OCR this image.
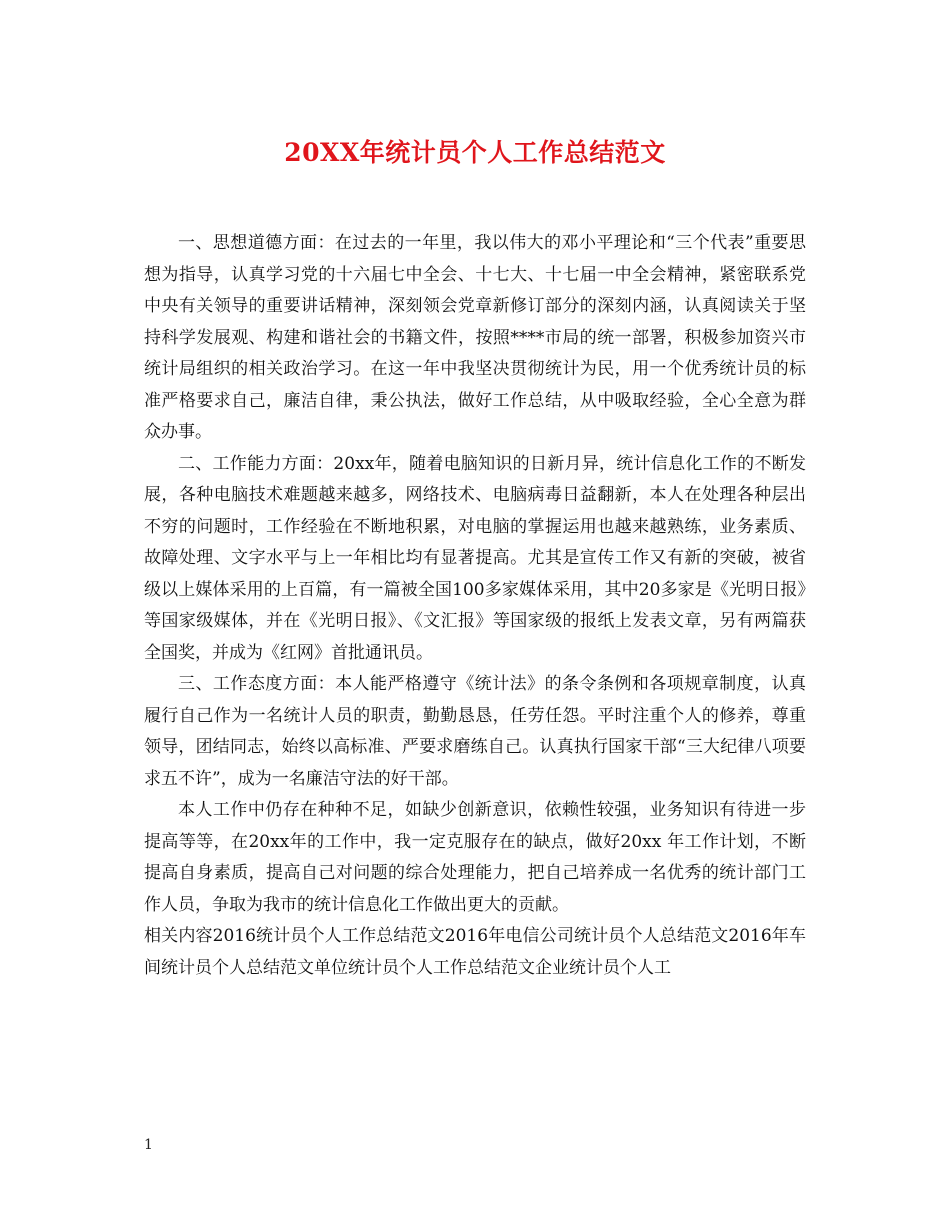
20XX年统计员个人工作总结范文

一、思想道德方面：在过去的一年里，我以伟大的邓小平理论和“三个代表”重要思想为指导，认真学习党的十六届七中全会、十七大、十七届一中全会精神，紧密联系党中央有关领导的重要讲话精神，深刻领会党章新修订部分的深刻内涵，认真阅读关于坚持科学发展观、构建和谐社会的书籍文件，按照****市局的统一部署，积极参加资兴市统计局组织的相关政治学习。在这一年中我坚决贯彻统计为民，用一个优秀统计员的标准严格要求自己，廉洁自律，秉公执法，做好工作总结，从中吸取经验，全心全意为群众办事。

二、工作能力方面：20xx年，随着电脑知识的日新月异，统计信息化工作的不断发展，各种电脑技术难题越来越多，网络技术、电脑病毒日益翻新，本人在处理各种层出不穷的问题时，工作经验在不断地积累，对电脑的掌握运用也越来越熟练，业务素质、故障处理、文字水平与上一年相比均有显著提高。尤其是宣传工作又有新的突破，被省级以上媒体采用的上百篇，有一篇被全国100多家媒体采用，其中20多家是《光明日报》等国家级媒体，并在《光明日报》、《文汇报》等国家级的报纸上发表文章，另有两篇获全国奖，并成为《红网》首批通讯员。

三、工作态度方面：本人能严格遵守《统计法》的条令条例和各项规章制度，认真履行自己作为一名统计人员的职责，勤勤恳恳，任劳任怨。平时注重个人的修养，尊重领导，团结同志，始终以高标准、严要求磨练自己。认真执行国家干部“三大纪律八项要求五不许”，成为一名廉洁守法的好干部。

本人工作中仍存在种种不足，如缺少创新意识，依赖性较强，业务知识有待进一步提高等等，在20xx年的工作中，我一定克服存在的缺点，做好20xx 年工作计划，不断提高自身素质，提高自己对问题的综合处理能力，把自己培养成一名优秀的统计部门工作人员，争取为我市的统计信息化工作做出更大的贡献。

相关内容2016统计员个人工作总结范文2016年电信公司统计员个人总结范文2016年车间统计员个人总结范文单位统计员个人工作总结范文企业统计员个人工

1
